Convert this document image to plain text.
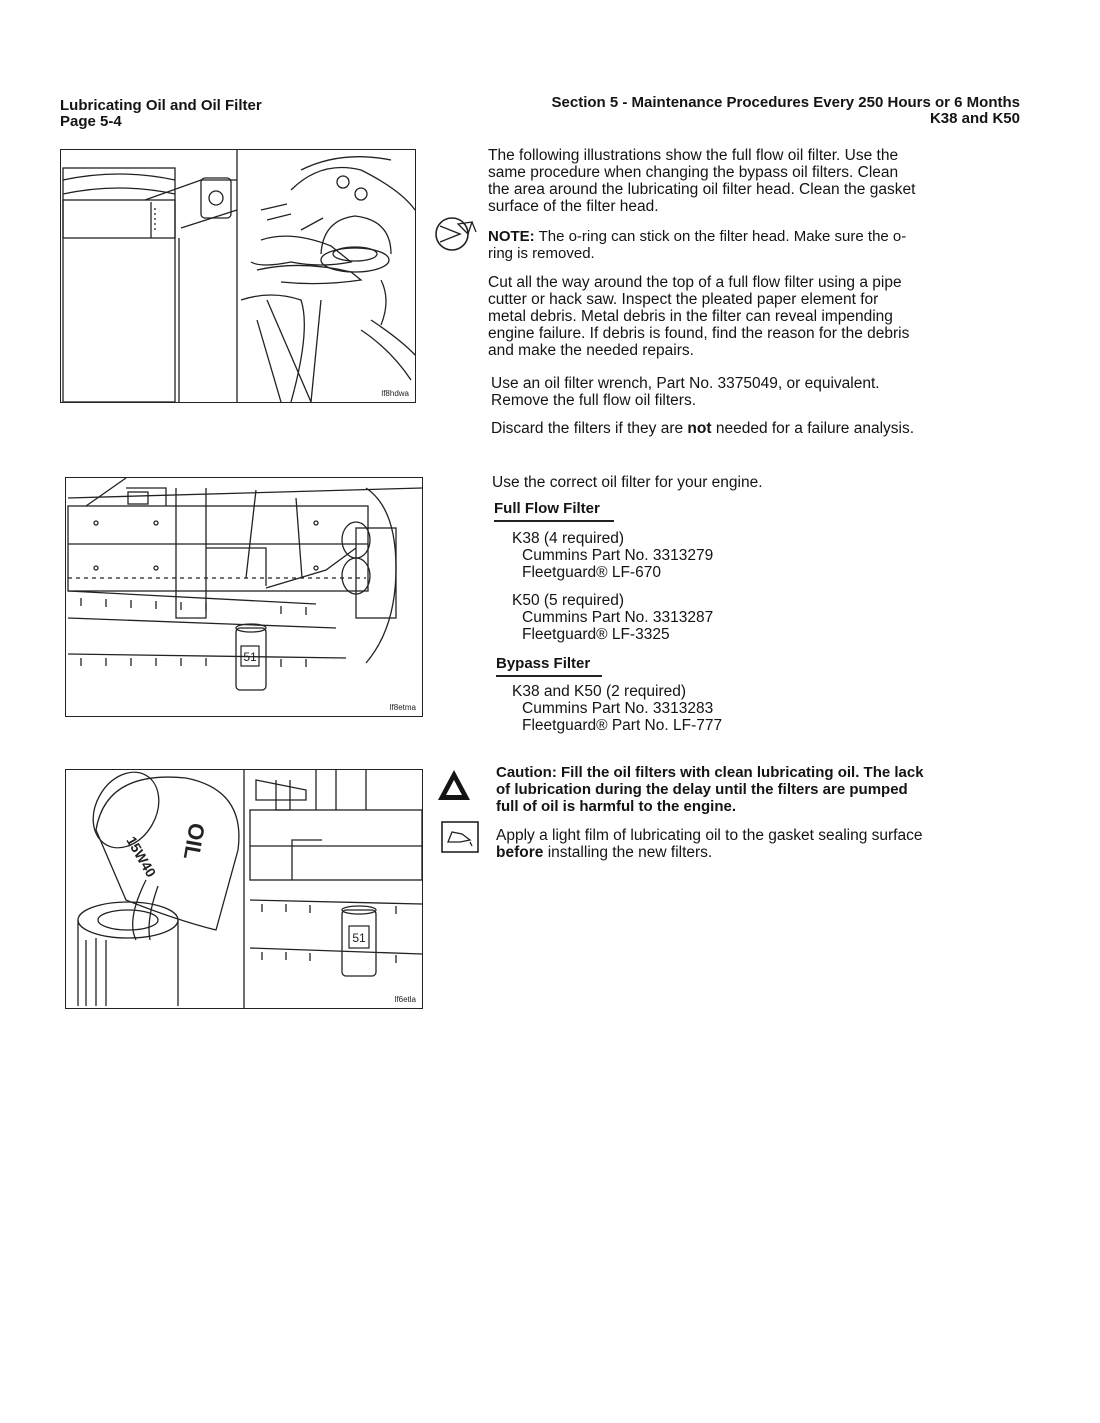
Lubricating Oil and Oil Filter
Page 5-4
Section 5 - Maintenance Procedures Every 250 Hours or 6 Months
K38 and K50
lf8hdwa
51
lf8etma
51
OIL
15W40
lf6etla
The following illustrations show the full flow oil filter. Use the same procedure when changing the bypass oil filters. Clean the area around the lubricating oil filter head. Clean the gasket surface of the filter head.
NOTE: The o-ring can stick on the filter head. Make sure the o-ring is removed.
Cut all the way around the top of a full flow filter using a pipe cutter or hack saw. Inspect the pleated paper element for metal debris. Metal debris in the filter can reveal impending engine failure. If debris is found, find the reason for the debris and make the needed repairs.
Use an oil filter wrench, Part No. 3375049, or equivalent. Remove the full flow oil filters.
Discard the filters if they are not needed for a failure analysis.
Use the correct oil filter for your engine.
Full Flow Filter
K38 (4 required)
Cummins Part No. 3313279
Fleetguard® LF-670
K50 (5 required)
Cummins Part No. 3313287
Fleetguard® LF-3325
Bypass Filter
K38 and K50 (2 required)
Cummins Part No. 3313283
Fleetguard® Part No. LF-777
Caution: Fill the oil filters with clean lubricating oil. The lack of lubrication during the delay until the filters are pumped full of oil is harmful to the engine.
Apply a light film of lubricating oil to the gasket sealing surface before installing the new filters.
